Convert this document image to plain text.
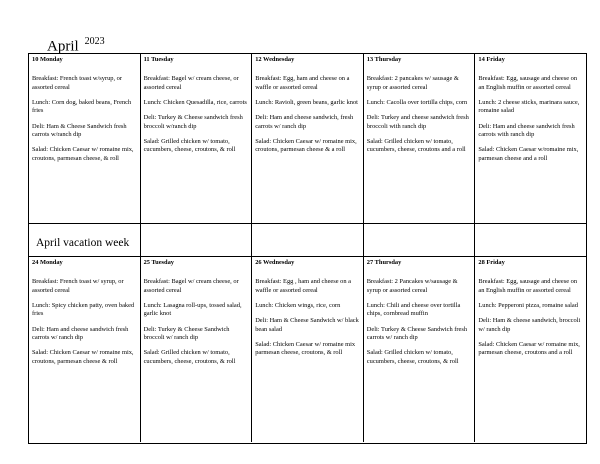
April $^{2023}$
10 Monday

Breakfast: French toast w/syrup, or assorted cereal

Lunch: Corn dog, baked beans, French fries

Deli: Ham & Cheese Sandwich fresh carrots w/ranch dip

Salad: Chicken Caesar w/ romaine mix, croutons, parmesan cheese, & roll

11 Tuesday

Breakfast: Bagel w/ cream cheese, or assorted cereal

Lunch: Chicken Quesadilla, rice, carrots

Deli: Turkey & Cheese sandwich fresh broccoli w/ranch dip

Salad: Grilled chicken w/ tomato, cucumbers, cheese, croutons, & roll

12 Wednesday

Breakfast: Egg, ham and cheese on a waffle or assorted cereal

Lunch: Ravioli, green beans, garlic knot

Deli: Ham and cheese sandwich, fresh carrots w/ ranch dip

Salad: Chicken Caesar w/ romaine mix, croutons, parmesan cheese & a roll

13 Thursday

Breakfast: 2 pancakes w/ sausage & syrup or assorted cereal

Lunch: Cacolla over tortilla chips, corn

Deli: Turkey and cheese sandwich fresh broccoli with ranch dip

Salad: Grilled chicken w/ tomato, cucumbers, cheese, croutons and a roll

14 Friday

Breakfast: Egg, sausage and cheese on an English muffin or assorted cereal

Lunch: 2 cheese sticks, marinara sauce, romaine salad

Deli: Ham and cheese sandwich fresh carrots with ranch dip

Salad: Chicken Caesar w/romaine mix, parmesan cheese and a roll

April vacation week
24 Monday

Breakfast: French toast w/ syrup, or assorted cereal

Lunch: Spicy chicken patty, oven baked fries

Deli: Ham and cheese sandwich fresh carrots w/ ranch dip

Salad: Chicken Caesar w/ romaine mix, croutons, parmesan cheese & roll

25 Tuesday

Breakfast: Bagel w/ cream cheese, or assorted cereal

Lunch: Lasagna roll-ups, tossed salad, garlic knot

Deli: Turkey & Cheese Sandwich broccoli w/ ranch dip

Salad: Grilled chicken w/ tomato, cucumbers, cheese, croutons, & roll

26 Wednesday

Breakfast: Egg , ham and cheese on a waffle or assorted cereal

Lunch: Chicken wings, rice, corn

Deli: Ham & Cheese Sandwich w/ black bean salad

Salad: Chicken Caesar w/ romaine mix parmesan cheese, croutons, & roll

27 Thursday

Breakfast: 2 Pancakes w/sausage & syrup or assorted cereal

Lunch: Chili and cheese over tortilla chips, cornbread muffin

Deli: Turkey & Cheese Sandwich fresh carrots w/ ranch dip

Salad: Grilled chicken w/ tomato, cucumbers, cheese, croutons, & roll

28 Friday

Breakfast: Egg, sausage and cheese on an English muffin or assorted cereal

Lunch: Pepperoni pizza, romaine salad

Deli: Ham & cheese sandwich, broccoli w/ ranch dip

Salad: Chicken Caesar w/ romaine mix, parmesan cheese, croutons and a roll
